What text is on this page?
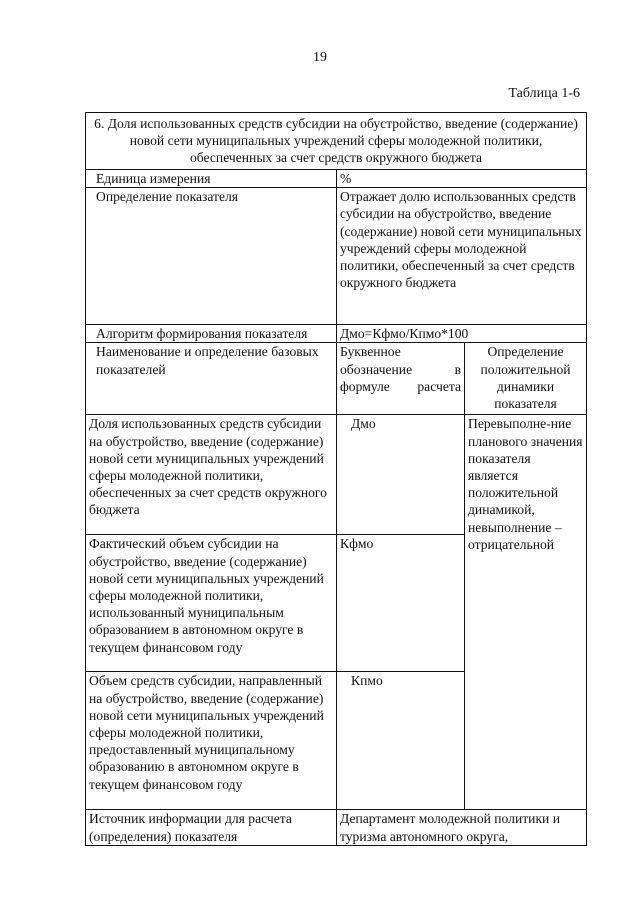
19
Таблица 1-6
6. Доля использованных средств субсидии на обустройство, введение (содержание) новой сети муниципальных учреждений сферы молодежной политики, обеспеченных за счет средств окружного бюджета		
Единица измерения	%	
Определение показателя	Отражает долю использованных средств субсидии на обустройство, введение (содержание) новой сети муниципальных учреждений сферы молодежной политики, обеспеченный за счет средств окружного бюджета	
Алгоритм формирования показателя	Дмо=Кфмо/Кпмо*100	
Наименование и определение базовых показателей	Буквенное обозначение в формуле расчета	Определение положительной динамики показателя
Доля использованных средств субсидии на обустройство, введение (содержание) новой сети муниципальных учреждений сферы молодежной политики, обеспеченных за счет средств окружного бюджета	Дмо	Перевыполне-ние планового значения показателя является положительной динамикой, невыполнение – отрицательной
Фактический объем субсидии на обустройство, введение (содержание) новой сети муниципальных учреждений сферы молодежной политики, использованный муниципальным образованием в автономном округе в текущем финансовом году	Кфмо	
Объем средств субсидии, направленный на обустройство, введение (содержание) новой сети муниципальных учреждений сферы молодежной политики, предоставленный муниципальному образованию в автономном округе в текущем финансовом году	Кпмо	
Источник информации для расчета (определения) показателя	Департамент молодежной политики и туризма автономного округа,	
